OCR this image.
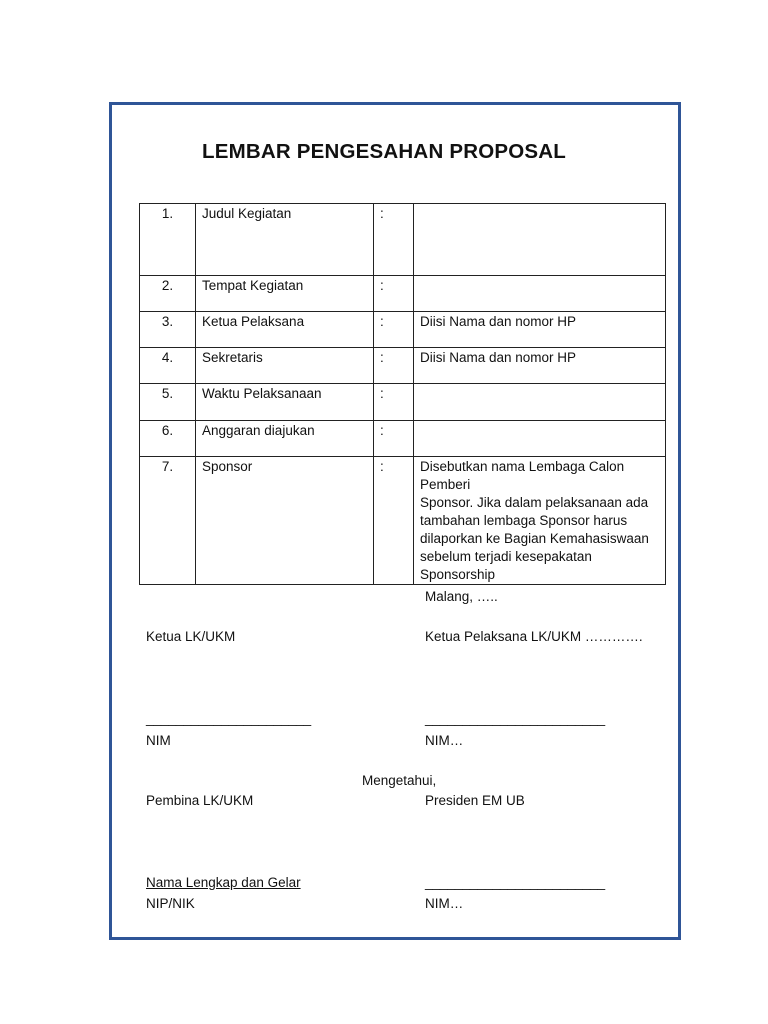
LEMBAR PENGESAHAN PROPOSAL
1.	Judul Kegiatan	:	
2.	Tempat Kegiatan	:	
3.	Ketua Pelaksana	:	Diisi Nama dan nomor HP
4.	Sekretaris	:	Diisi Nama dan nomor HP
5.	Waktu Pelaksanaan	:	
6.	Anggaran diajukan	:	
7.	Sponsor	:	Disebutkan nama Lembaga Calon Pemberi
Sponsor. Jika dalam pelaksanaan ada
tambahan lembaga Sponsor harus
dilaporkan ke Bagian Kemahasiswaan
sebelum terjadi kesepakatan Sponsorship
Malang, …..
Ketua LK/UKM	Ketua Pelaksana LK/UKM ………….
______________________	________________________
NIM	NIM…
Mengetahui,
Pembina LK/UKM	Presiden EM UB
Nama Lengkap dan Gelar	________________________
NIP/NIK	NIM…
